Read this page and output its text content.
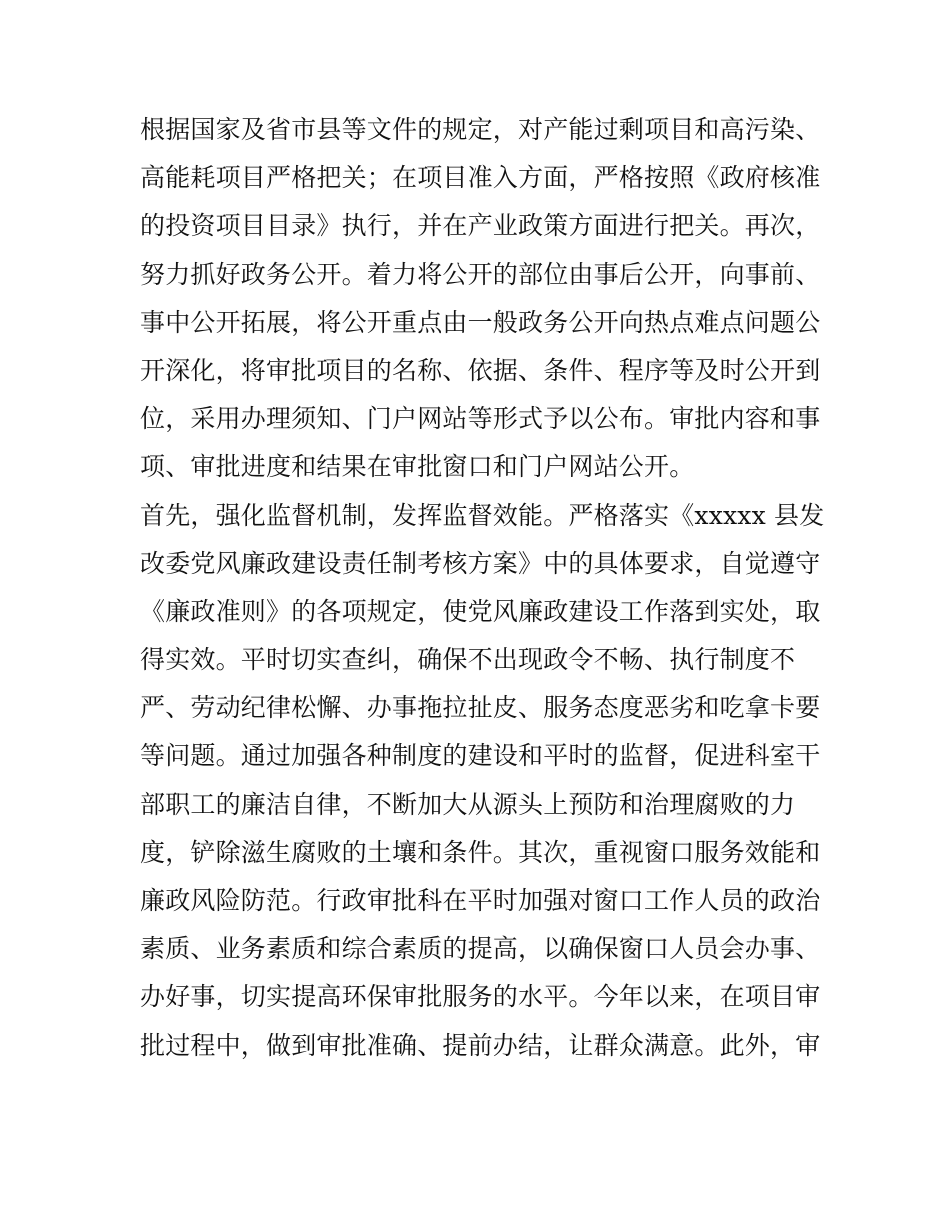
根据国家及省市县等文件的规定，对产能过剩项目和高污染、
高能耗项目严格把关；在项目准入方面，严格按照《政府核准
的投资项目目录》执行，并在产业政策方面进行把关。再次，
努力抓好政务公开。着力将公开的部位由事后公开，向事前、
事中公开拓展，将公开重点由一般政务公开向热点难点问题公
开深化，将审批项目的名称、依据、条件、程序等及时公开到
位，采用办理须知、门户网站等形式予以公布。审批内容和事
项、审批进度和结果在审批窗口和门户网站公开。
首先，强化监督机制，发挥监督效能。严格落实《xxxxx 县发
改委党风廉政建设责任制考核方案》中的具体要求，自觉遵守
《廉政准则》的各项规定，使党风廉政建设工作落到实处，取
得实效。平时切实查纠，确保不出现政令不畅、执行制度不
严、劳动纪律松懈、办事拖拉扯皮、服务态度恶劣和吃拿卡要
等问题。通过加强各种制度的建设和平时的监督，促进科室干
部职工的廉洁自律，不断加大从源头上预防和治理腐败的力
度，铲除滋生腐败的土壤和条件。其次，重视窗口服务效能和
廉政风险防范。行政审批科在平时加强对窗口工作人员的政治
素质、业务素质和综合素质的提高，以确保窗口人员会办事、
办好事，切实提高环保审批服务的水平。今年以来，在项目审
批过程中，做到审批准确、提前办结，让群众满意。此外，审
